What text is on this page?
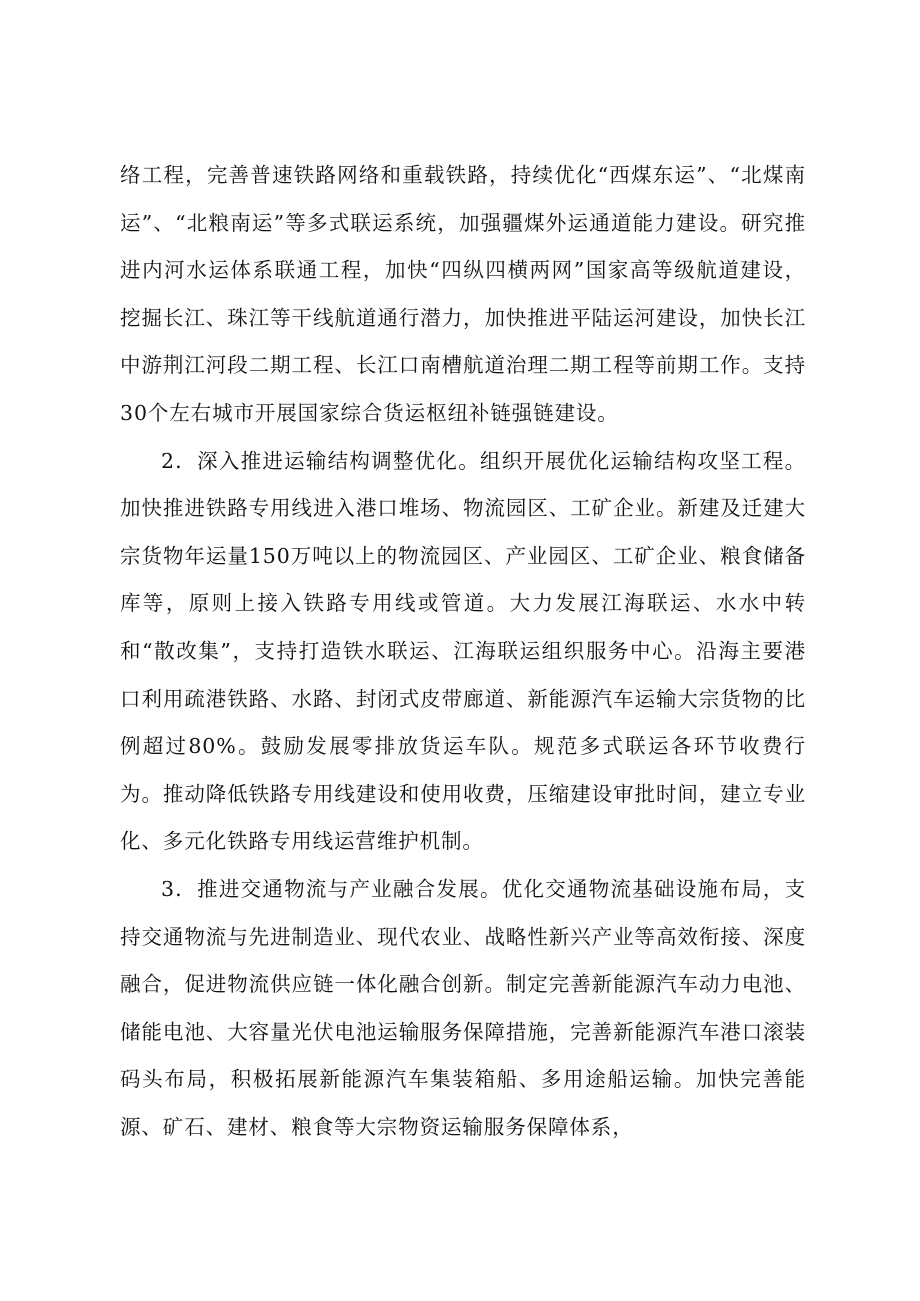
络工程，完善普速铁路网络和重载铁路，持续优化“西煤东运”、“北煤南运”、“北粮南运”等多式联运系统，加强疆煤外运通道能力建设。研究推进内河水运体系联通工程，加快“四纵四横两网”国家高等级航道建设，挖掘长江、珠江等干线航道通行潜力，加快推进平陆运河建设，加快长江中游荆江河段二期工程、长江口南槽航道治理二期工程等前期工作。支持30个左右城市开展国家综合货运枢纽补链强链建设。

2．深入推进运输结构调整优化。组织开展优化运输结构攻坚工程。加快推进铁路专用线进入港口堆场、物流园区、工矿企业。新建及迁建大宗货物年运量150万吨以上的物流园区、产业园区、工矿企业、粮食储备库等，原则上接入铁路专用线或管道。大力发展江海联运、水水中转和“散改集”，支持打造铁水联运、江海联运组织服务中心。沿海主要港口利用疏港铁路、水路、封闭式皮带廊道、新能源汽车运输大宗货物的比例超过80%。鼓励发展零排放货运车队。规范多式联运各环节收费行为。推动降低铁路专用线建设和使用收费，压缩建设审批时间，建立专业化、多元化铁路专用线运营维护机制。

3．推进交通物流与产业融合发展。优化交通物流基础设施布局，支持交通物流与先进制造业、现代农业、战略性新兴产业等高效衔接、深度融合，促进物流供应链一体化融合创新。制定完善新能源汽车动力电池、储能电池、大容量光伏电池运输服务保障措施，完善新能源汽车港口滚装码头布局，积极拓展新能源汽车集装箱船、多用途船运输。加快完善能源、矿石、建材、粮食等大宗物资运输服务保障体系，
